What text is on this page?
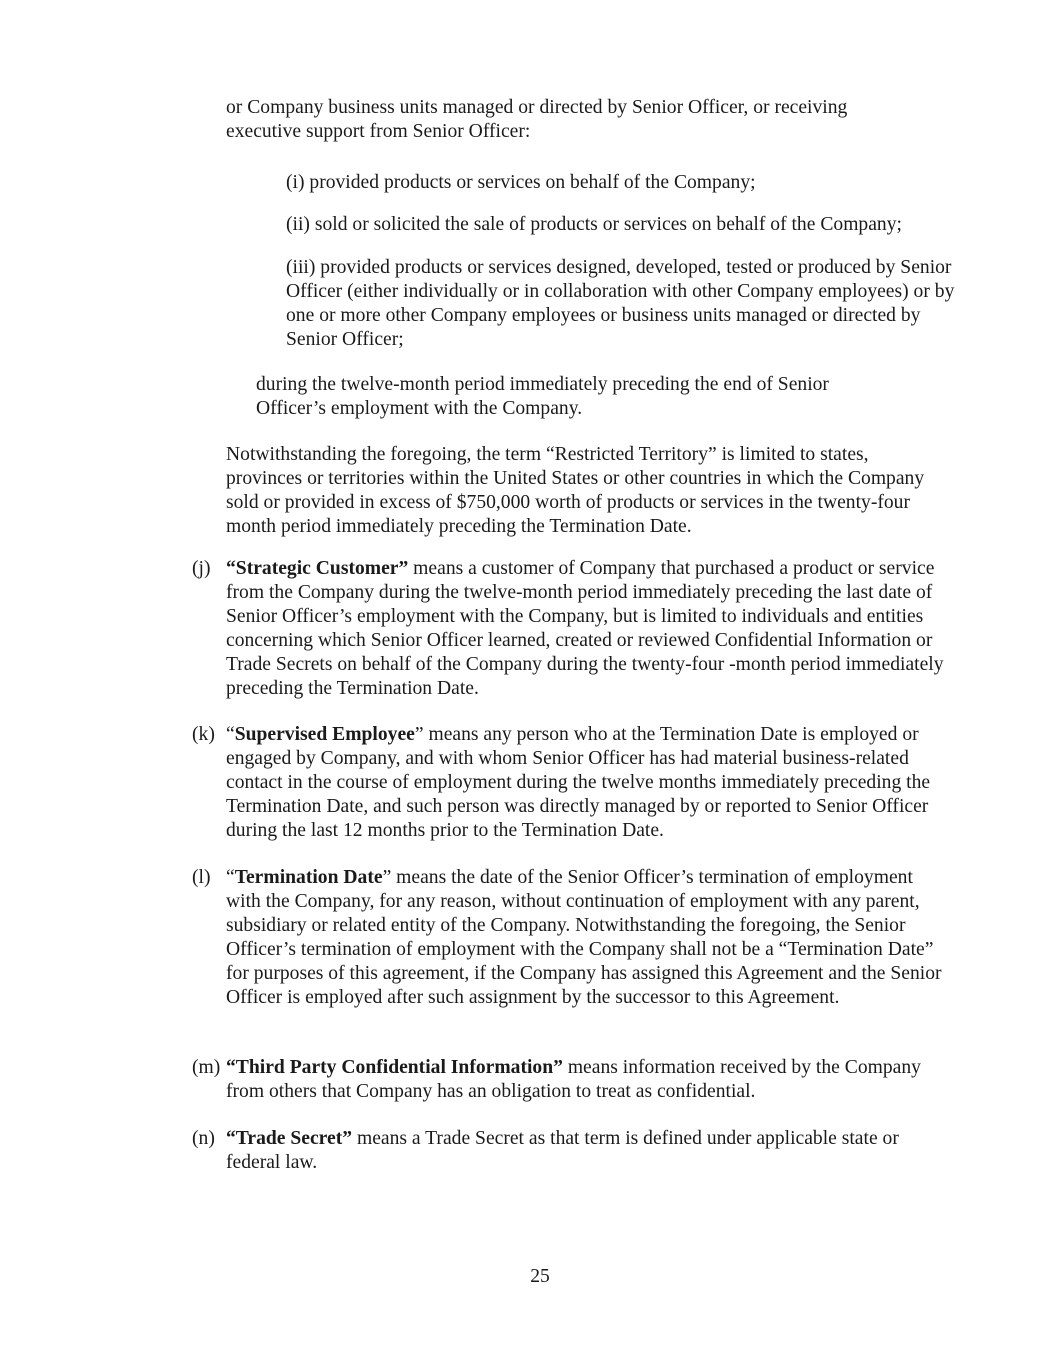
or Company business units managed or directed by Senior Officer, or receiving executive support from Senior Officer:

(i) provided products or services on behalf of the Company;

(ii) sold or solicited the sale of products or services on behalf of the Company;

(iii) provided products or services designed, developed, tested or produced by Senior Officer (either individually or in collaboration with other Company employees) or by one or more other Company employees or business units managed or directed by Senior Officer;

during the twelve-month period immediately preceding the end of Senior Officer’s employment with the Company.

Notwithstanding the foregoing, the term “Restricted Territory” is limited to states, provinces or territories within the United States or other countries in which the Company sold or provided in excess of $750,000 worth of products or services in the twenty-four month period immediately preceding the Termination Date.

(j) “Strategic Customer” means a customer of Company that purchased a product or service from the Company during the twelve-month period immediately preceding the last date of Senior Officer’s employment with the Company, but is limited to individuals and entities concerning which Senior Officer learned, created or reviewed Confidential Information or Trade Secrets on behalf of the Company during the twenty-four -month period immediately preceding the Termination Date.

(k) “Supervised Employee” means any person who at the Termination Date is employed or engaged by Company, and with whom Senior Officer has had material business-related contact in the course of employment during the twelve months immediately preceding the Termination Date, and such person was directly managed by or reported to Senior Officer during the last 12 months prior to the Termination Date.

(l) “Termination Date” means the date of the Senior Officer’s termination of employment with the Company, for any reason, without continuation of employment with any parent, subsidiary or related entity of the Company. Notwithstanding the foregoing, the Senior Officer’s termination of employment with the Company shall not be a “Termination Date” for purposes of this agreement, if the Company has assigned this Agreement and the Senior Officer is employed after such assignment by the successor to this Agreement.

(m) “Third Party Confidential Information” means information received by the Company from others that Company has an obligation to treat as confidential.

(n) “Trade Secret” means a Trade Secret as that term is defined under applicable state or federal law.

25
